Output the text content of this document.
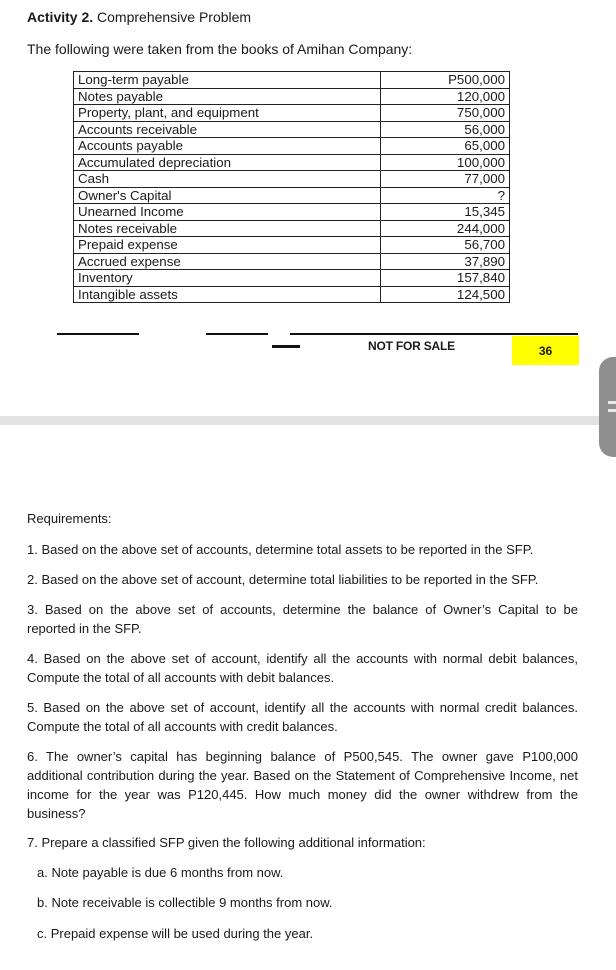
Activity 2. Comprehensive Problem
The following were taken from the books of Amihan Company:
Long-term payable	P500,000
Notes payable	120,000
Property, plant, and equipment	750,000
Accounts receivable	56,000
Accounts payable	65,000
Accumulated depreciation	100,000
Cash	77,000
Owner's Capital	?
Unearned Income	15,345
Notes receivable	244,000
Prepaid expense	56,700
Accrued expense	37,890
Inventory	157,840
Intangible assets	124,500
NOT FOR SALE	36
Requirements:
1. Based on the above set of accounts, determine total assets to be reported in the SFP.
2. Based on the above set of account, determine total liabilities to be reported in the SFP.
3. Based on the above set of accounts, determine the balance of Owner’s Capital to be reported in the SFP.
4. Based on the above set of account, identify all the accounts with normal debit balances, Compute the total of all accounts with debit balances.
5. Based on the above set of account, identify all the accounts with normal credit balances. Compute the total of all accounts with credit balances.
6. The owner’s capital has beginning balance of P500,545. The owner gave P100,000 additional contribution during the year. Based on the Statement of Comprehensive Income, net income for the year was P120,445. How much money did the owner withdrew from the business?
7. Prepare a classified SFP given the following additional information:
a. Note payable is due 6 months from now.
b. Note receivable is collectible 9 months from now.
c. Prepaid expense will be used during the year.
